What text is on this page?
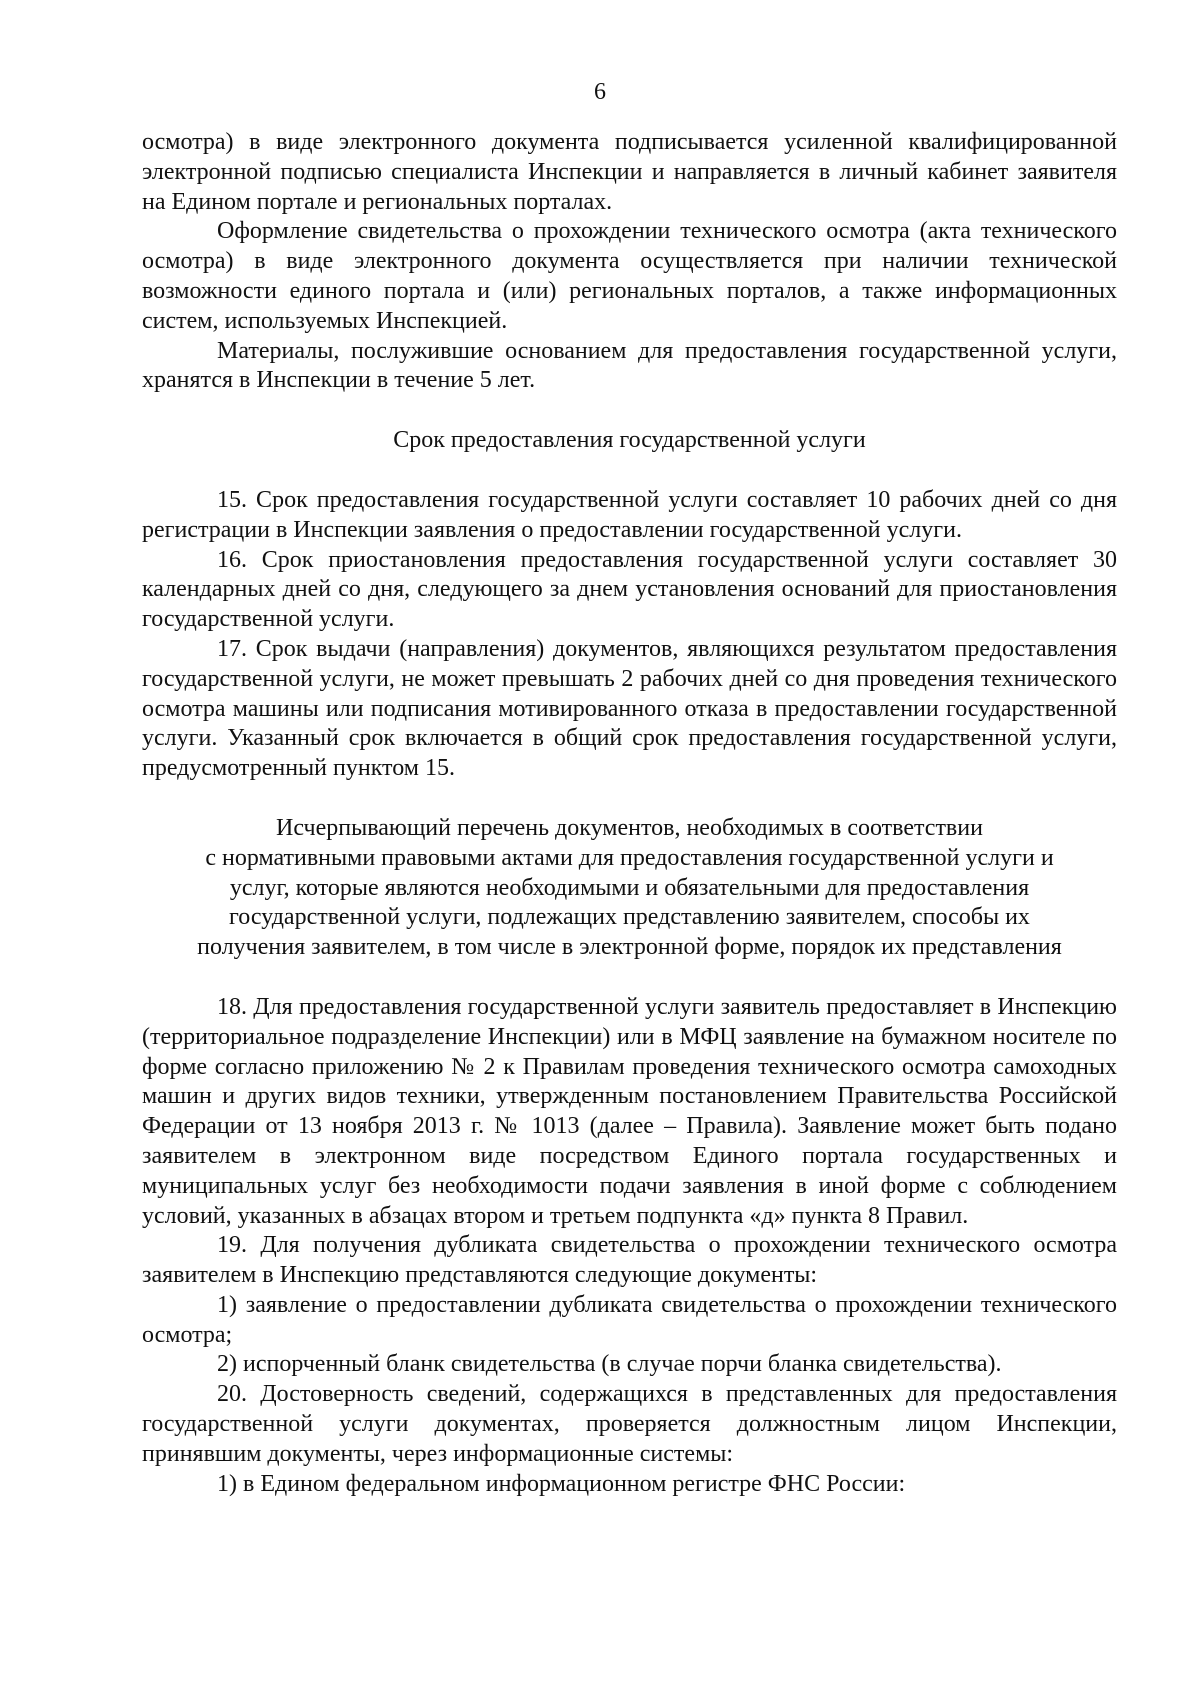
6

осмотра) в виде электронного документа подписывается усиленной квалифицированной электронной подписью специалиста Инспекции и направляется в личный кабинет заявителя на Едином портале и региональных порталах.

Оформление свидетельства о прохождении технического осмотра (акта технического осмотра) в виде электронного документа осуществляется при наличии технической возможности единого портала и (или) региональных порталов, а также информационных систем, используемых Инспекцией.

Материалы, послужившие основанием для предоставления государственной услуги, хранятся в Инспекции в течение 5 лет.

Срок предоставления государственной услуги

15. Срок предоставления государственной услуги составляет 10 рабочих дней со дня регистрации в Инспекции заявления о предоставлении государственной услуги.

16. Срок приостановления предоставления государственной услуги составляет 30 календарных дней со дня, следующего за днем установления оснований для приостановления государственной услуги.

17. Срок выдачи (направления) документов, являющихся результатом предоставления государственной услуги, не может превышать 2 рабочих дней со дня проведения технического осмотра машины или подписания мотивированного отказа в предоставлении государственной услуги. Указанный срок включается в общий срок предоставления государственной услуги, предусмотренный пунктом 15.

Исчерпывающий перечень документов, необходимых в соответствии
с нормативными правовыми актами для предоставления государственной услуги и
услуг, которые являются необходимыми и обязательными для предоставления
государственной услуги, подлежащих представлению заявителем, способы их
получения заявителем, в том числе в электронной форме, порядок их представления

18. Для предоставления государственной услуги заявитель предоставляет в Инспекцию (территориальное подразделение Инспекции) или в МФЦ заявление на бумажном носителе по форме согласно приложению № 2 к Правилам проведения технического осмотра самоходных машин и других видов техники, утвержденным постановлением Правительства Российской Федерации от 13 ноября 2013 г. № 1013 (далее – Правила). Заявление может быть подано заявителем в электронном виде посредством Единого портала государственных и муниципальных услуг без необходимости подачи заявления в иной форме с соблюдением условий, указанных в абзацах втором и третьем подпункта «д» пункта 8 Правил.

19. Для получения дубликата свидетельства о прохождении технического осмотра заявителем в Инспекцию представляются следующие документы:

1) заявление о предоставлении дубликата свидетельства о прохождении технического осмотра;

2) испорченный бланк свидетельства (в случае порчи бланка свидетельства).

20. Достоверность сведений, содержащихся в представленных для предоставления государственной услуги документах, проверяется должностным лицом Инспекции, принявшим документы, через информационные системы:

1) в Едином федеральном информационном регистре ФНС России:
